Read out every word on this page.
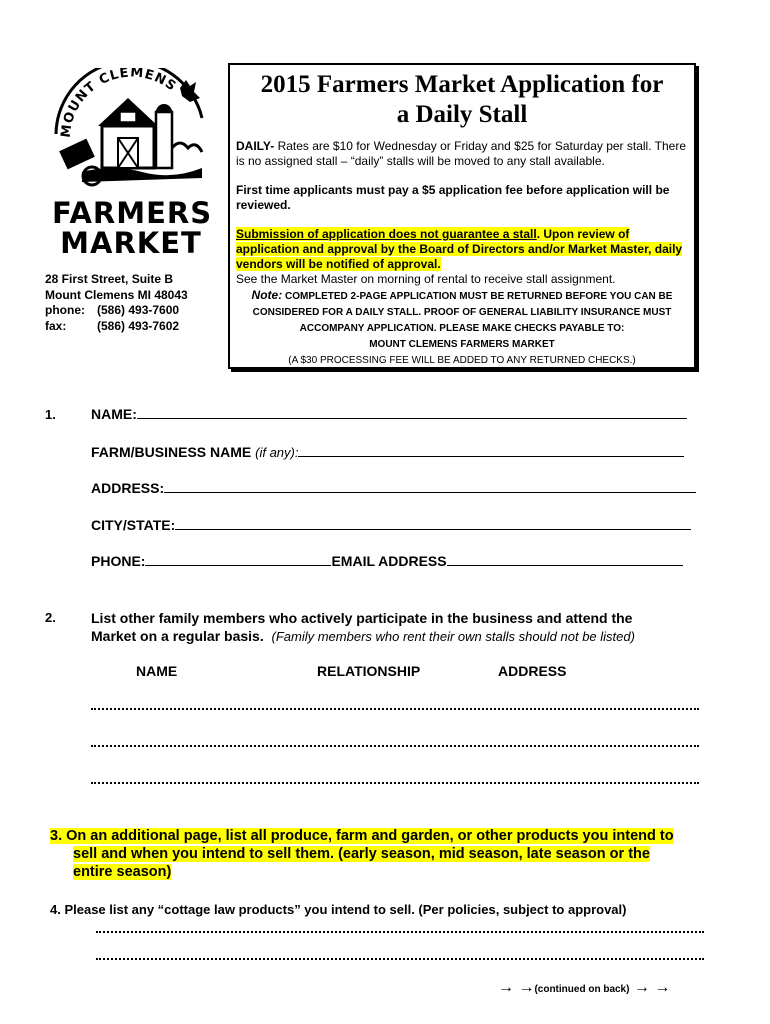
MOUNT CLEMENS
FARMERS
MARKET
28 First Street, Suite B
Mount Clemens MI 48043
phone: (586) 493-7600
fax:	(586) 493-7602
2015 Farmers Market Application for
a Daily Stall

DAILY- Rates are $10 for Wednesday or Friday and $25 for Saturday per stall. There is no assigned stall – “daily” stalls will be moved to any stall available.

First time applicants must pay a $5 application fee before application will be reviewed.

Submission of application does not guarantee a stall. Upon review of application and approval by the Board of Directors and/or Market Master, daily vendors will be notified of approval.

See the Market Master on morning of rental to receive stall assignment.

Note: COMPLETED 2-PAGE APPLICATION MUST BE RETURNED BEFORE YOU CAN BE
CONSIDERED FOR A DAILY STALL. PROOF OF GENERAL LIABILITY INSURANCE MUST
ACCOMPANY APPLICATION. PLEASE MAKE CHECKS PAYABLE TO:
MOUNT CLEMENS FARMERS MARKET
(A $30 PROCESSING FEE WILL BE ADDED TO ANY RETURNED CHECKS.)
1.	NAME:
FARM/BUSINESS NAME (if any):
ADDRESS:
CITY/STATE:
PHONE:	EMAIL ADDRESS
2.	List other family members who actively participate in the business and attend the
Market on a regular basis. (Family members who rent their own stalls should not be listed)
NAME	RELATIONSHIP	ADDRESS
3. On an additional page, list all produce, farm and garden, or other products you intend to
sell and when you intend to sell them. (early season, mid season, late season or the
entire season)
4. Please list any “cottage law products” you intend to sell. (Per policies, subject to approval)
→ →(continued on back) → →
